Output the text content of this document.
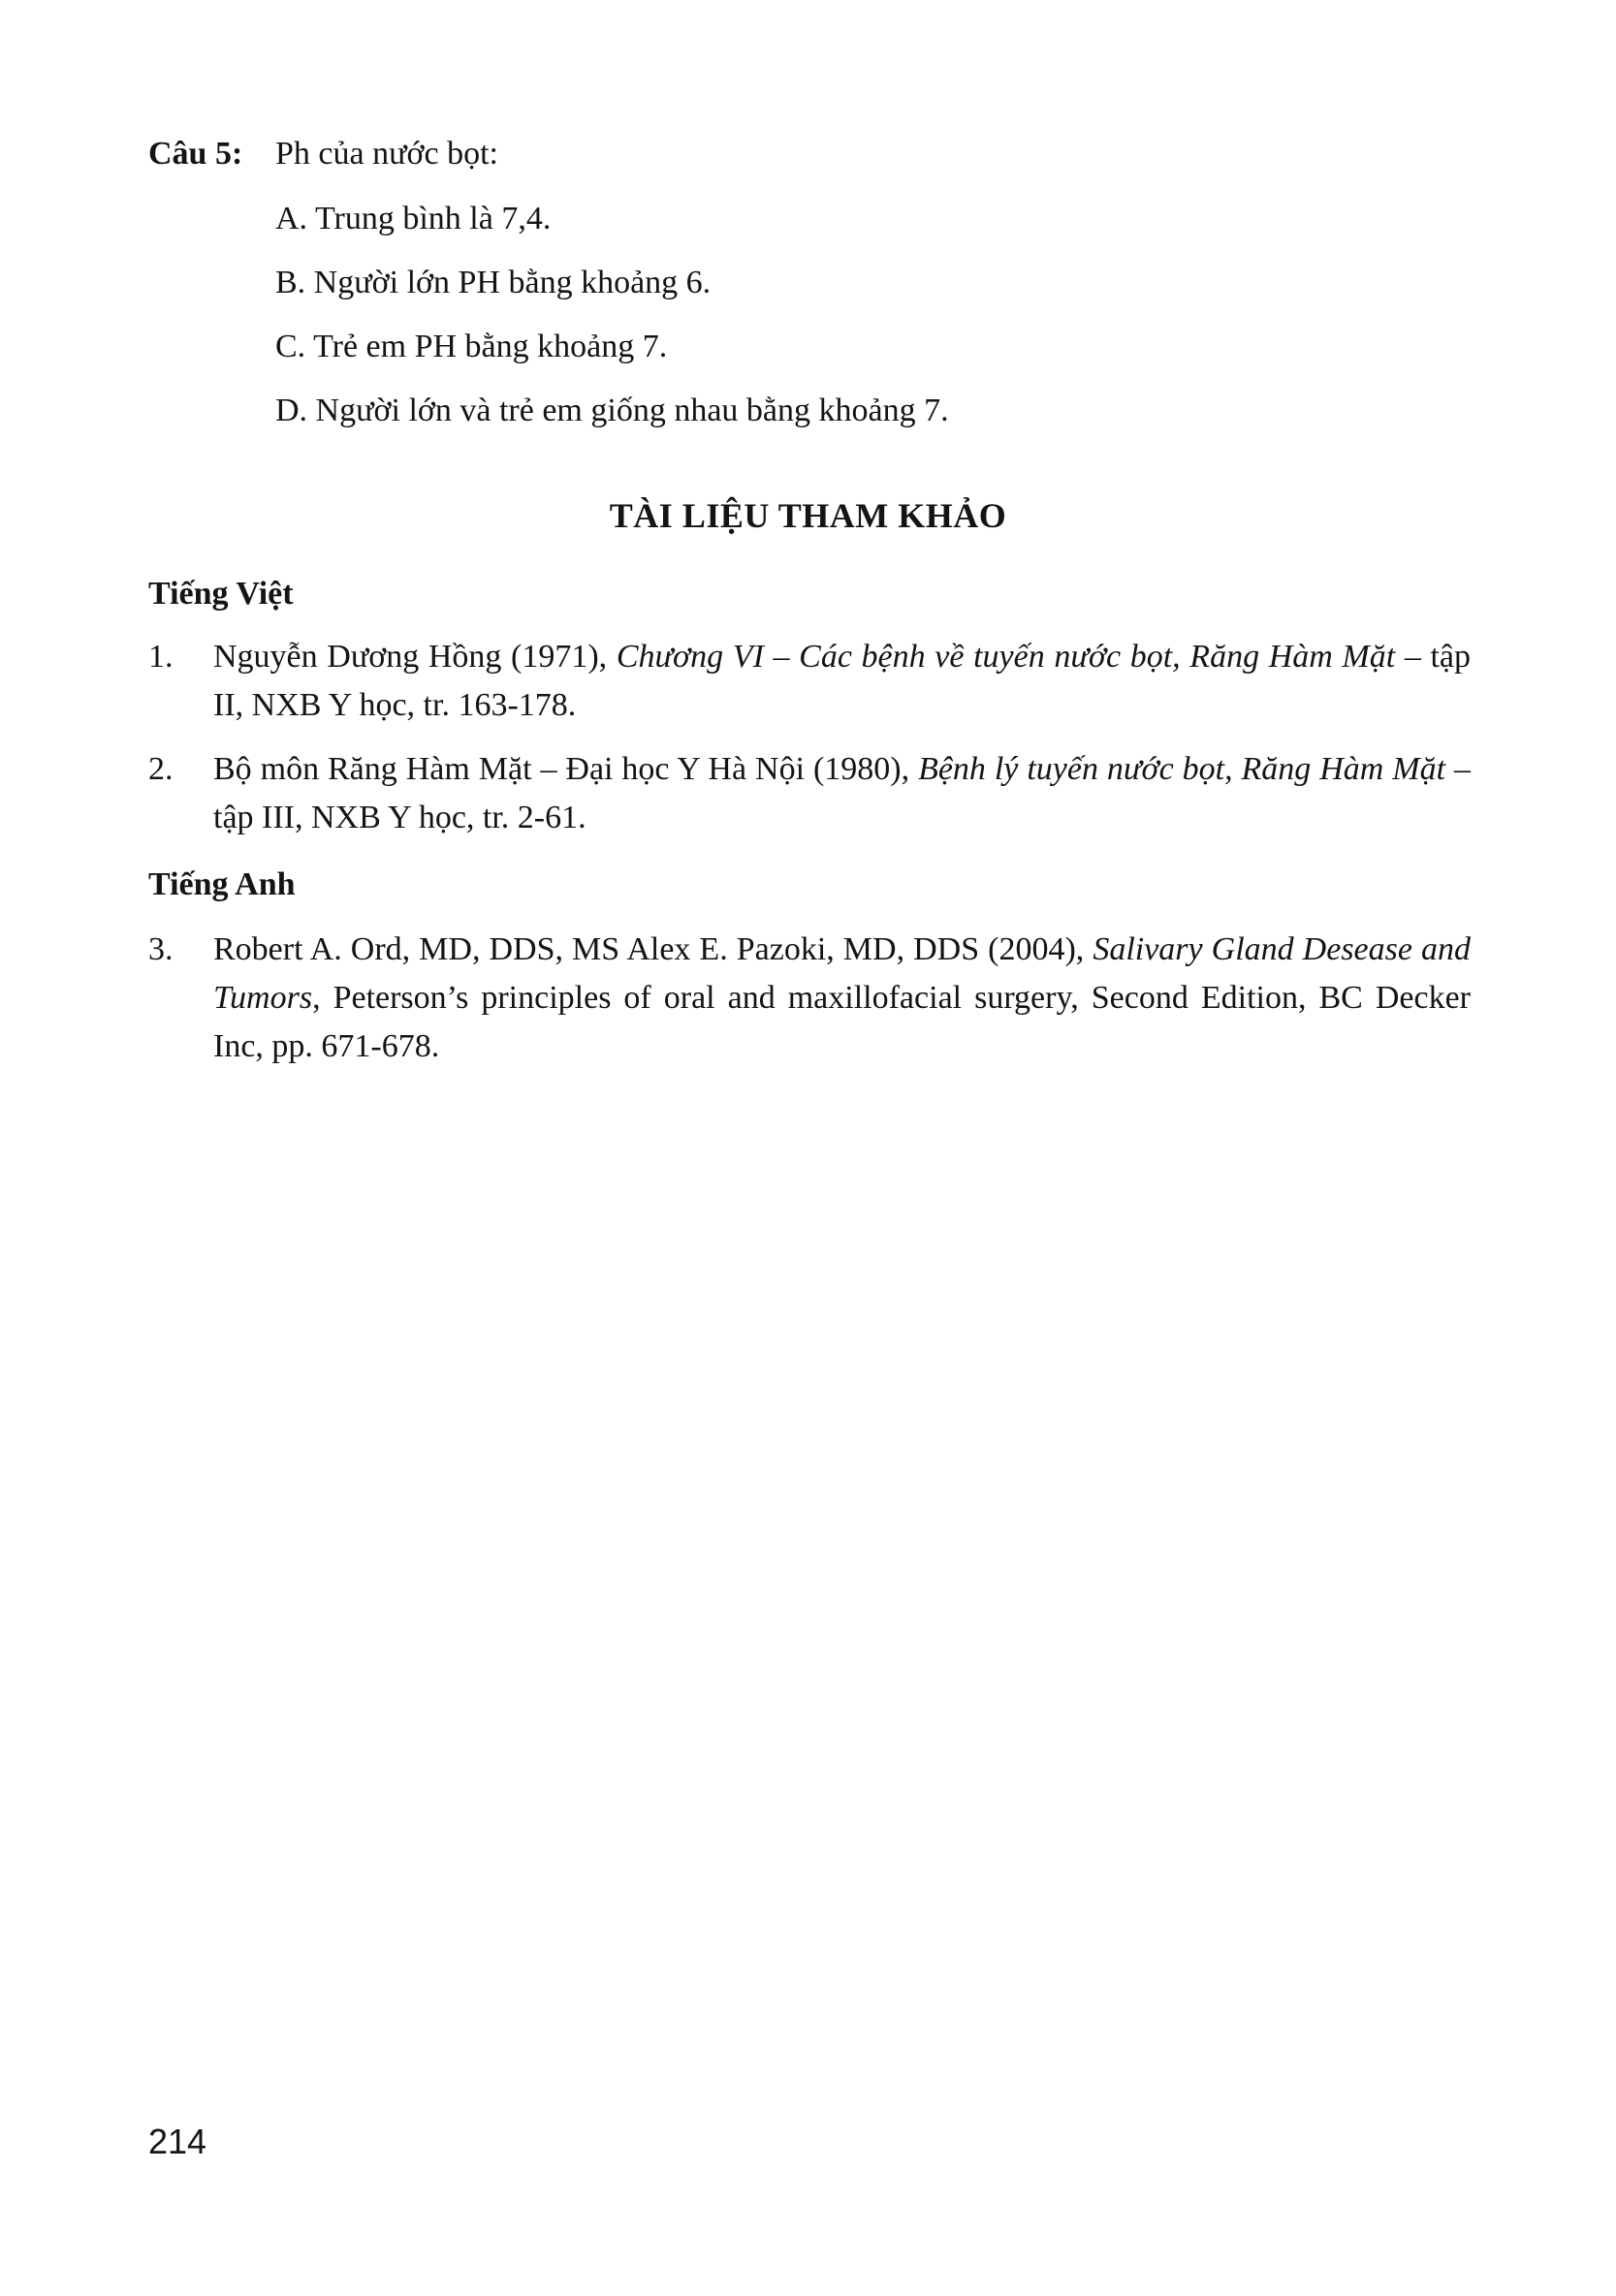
Câu 5: Ph của nước bọt:
A. Trung bình là 7,4.
B. Người lớn PH bằng khoảng 6.
C. Trẻ em PH bằng khoảng 7.
D. Người lớn và trẻ em giống nhau bằng khoảng 7.
TÀI LIỆU THAM KHẢO
Tiếng Việt
1. Nguyễn Dương Hồng (1971), Chương VI – Các bệnh về tuyến nước bọt, Răng Hàm Mặt – tập II, NXB Y học, tr. 163-178.
2. Bộ môn Răng Hàm Mặt – Đại học Y Hà Nội (1980), Bệnh lý tuyến nước bọt, Răng Hàm Mặt – tập III, NXB Y học, tr. 2-61.
Tiếng Anh
3. Robert A. Ord, MD, DDS, MS Alex E. Pazoki, MD, DDS (2004), Salivary Gland Desease and Tumors, Peterson’s principles of oral and maxillofacial surgery, Second Edition, BC Decker Inc, pp. 671-678.
214
